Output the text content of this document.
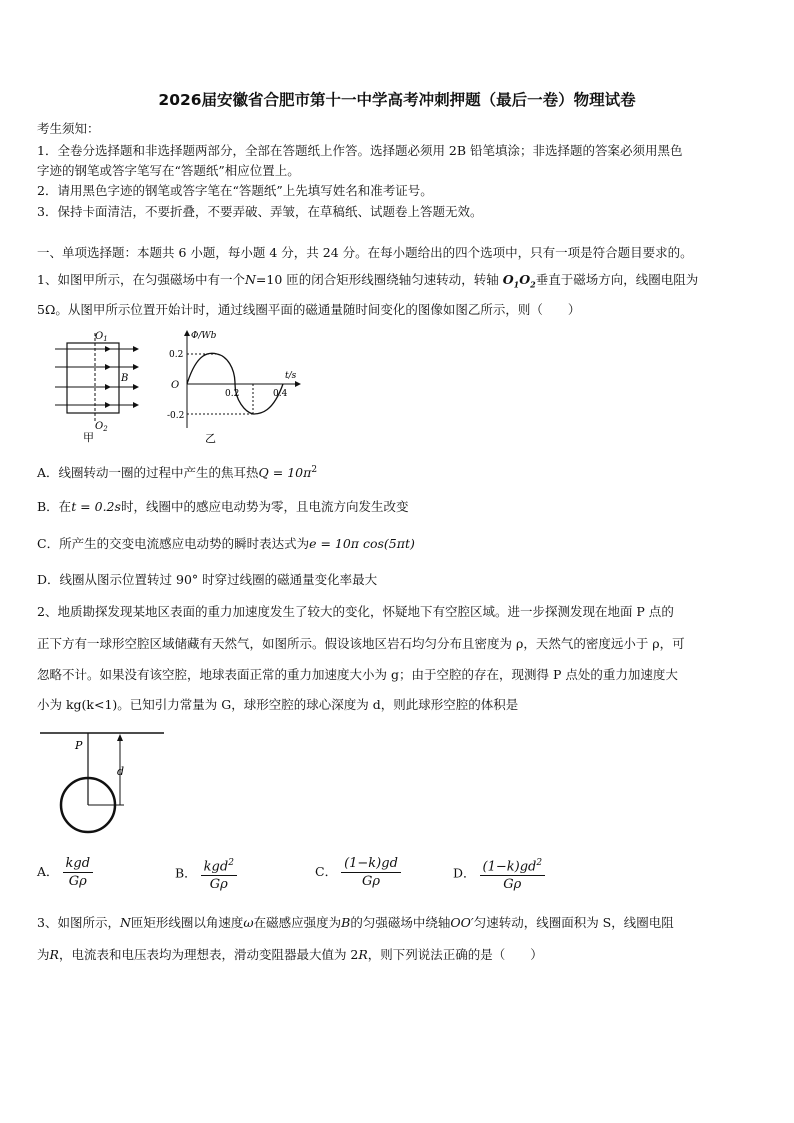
2026届安徽省合肥市第十一中学高考冲刺押题（最后一卷）物理试卷
考生须知：
1．全卷分选择题和非选择题两部分，全部在答题纸上作答。选择题必须用 2B 铅笔填涂；非选择题的答案必须用黑色
字迹的钢笔或答字笔写在“答题纸”相应位置上。
2．请用黑色字迹的钢笔或答字笔在“答题纸”上先填写姓名和准考证号。
3．保持卡面清洁，不要折叠，不要弄破、弄皱，在草稿纸、试题卷上答题无效。
一、单项选择题：本题共 6 小题，每小题 4 分，共 24 分。在每小题给出的四个选项中，只有一项是符合题目要求的。
1、如图甲所示，在匀强磁场中有一个N=10 匝的闭合矩形线圈绕轴匀速转动，转轴 $O_1O_2$垂直于磁场方向，线圈电阻为
5Ω。从图甲所示位置开始计时，通过线圈平面的磁通量随时间变化的图像如图乙所示，则（　　）
$O_1$
$O_2$
B
甲
Φ/Wb
t/s
O
0.2
-0.2
0.2	0.4
乙
A．线圈转动一圈的过程中产生的焦耳热$Q = 10\pi^2$
B．在t = 0.2s时，线圈中的感应电动势为零，且电流方向发生改变
C．所产生的交变电流感应电动势的瞬时表达式为e = 10π cos(5πt)
D．线圈从图示位置转过 90° 时穿过线圈的磁通量变化率最大
2、地质勘探发现某地区表面的重力加速度发生了较大的变化，怀疑地下有空腔区域。进一步探测发现在地面 P 点的
正下方有一球形空腔区域储藏有天然气，如图所示。假设该地区岩石均匀分布且密度为 ρ，天然气的密度远小于 ρ，可
忽略不计。如果没有该空腔，地球表面正常的重力加速度大小为 g；由于空腔的存在，现测得 P 点处的重力加速度大
小为 kg(k<1)。已知引力常量为 G，球形空腔的球心深度为 d，则此球形空腔的体积是
P
d
A． $\frac{\text{kgd}}{G\rho}$	B． $\frac{kgd^2}{G\rho}$	C． $\frac{(1-k)gd}{G\rho}$	D． $\frac{(1-k)gd^2}{G\rho}$
3、如图所示，N匝矩形线圈以角速度ω在磁感应强度为B的匀强磁场中绕轴OO′匀速转动，线圈面积为 S，线圈电阻
为R，电流表和电压表均为理想表，滑动变阻器最大值为 2R，则下列说法正确的是（　　）
